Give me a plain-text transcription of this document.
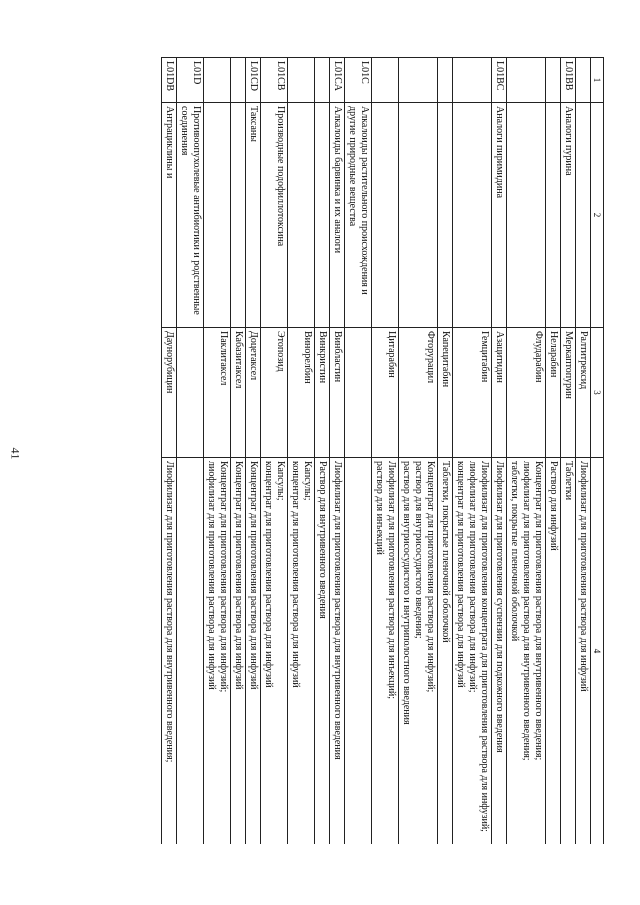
41
1	2	3	4
		Ралтитрексид	Лиофилизат для приготовления раствора для инфузий

L01BB	Аналоги пурина	Меркаптопурин	Таблетки

		Неларабин	Раствор для инфузий

		Флударабин	Концентрат для приготовления раствора для внутривенного введения;
лиофилизат для приготовления раствора для внутривенного введения;
таблетки, покрытые пленочной оболочкой

L01BC	Аналоги пиримидина	Азацитидин	Лиофилизат для приготовления суспензии для подкожного введения

		Гемцитабин	Лиофилизат для приготовления концентрата для приготовления раствора для инфузий;
лиофилизат для приготовления раствора для инфузий;
концентрат для приготовления раствора для инфузий

		Капецитабин	Таблетки, покрытые пленочной оболочкой

		Фторурацил	Концентрат для приготовления раствора для инфузий;
раствор для внутрисосудистого введения;
раствор для внутрисосудистого и внутриполостного введения

		Цитарабин	Лиофилизат для приготовления раствора для инъекций;
раствор для инъекций

L01C	Алкалоиды растительного происхождения и другие природные вещества		
L01CA	Алкалоиды барвинка и их аналоги	Винбластин	Лиофилизат для приготовления раствора для внутривенного введения

		Винкристин	Раствор для внутривенного введения

		Винорелбин	Капсулы;
концентрат для приготовления раствора для инфузий

L01CB	Производные подофиллотоксина	Этопозид	Капсулы;
концентрат для приготовления раствора для инфузий

L01CD	Таксаны	Доцетаксел	Концентрат для приготовления раствора для инфузий

		Кабазитаксел	Концентрат для приготовления раствора для инфузий

		Паклитаксел	Концентрат для приготовления раствора для инфузий;
лиофилизат для приготовления раствора для инфузий

L01D	Противоопухолевые антибиотики и родственные соединения		
L01DB	Антрациклины и	Даунорубицин	Лиофилизат для приготовления раствора для внутривенного введения;
